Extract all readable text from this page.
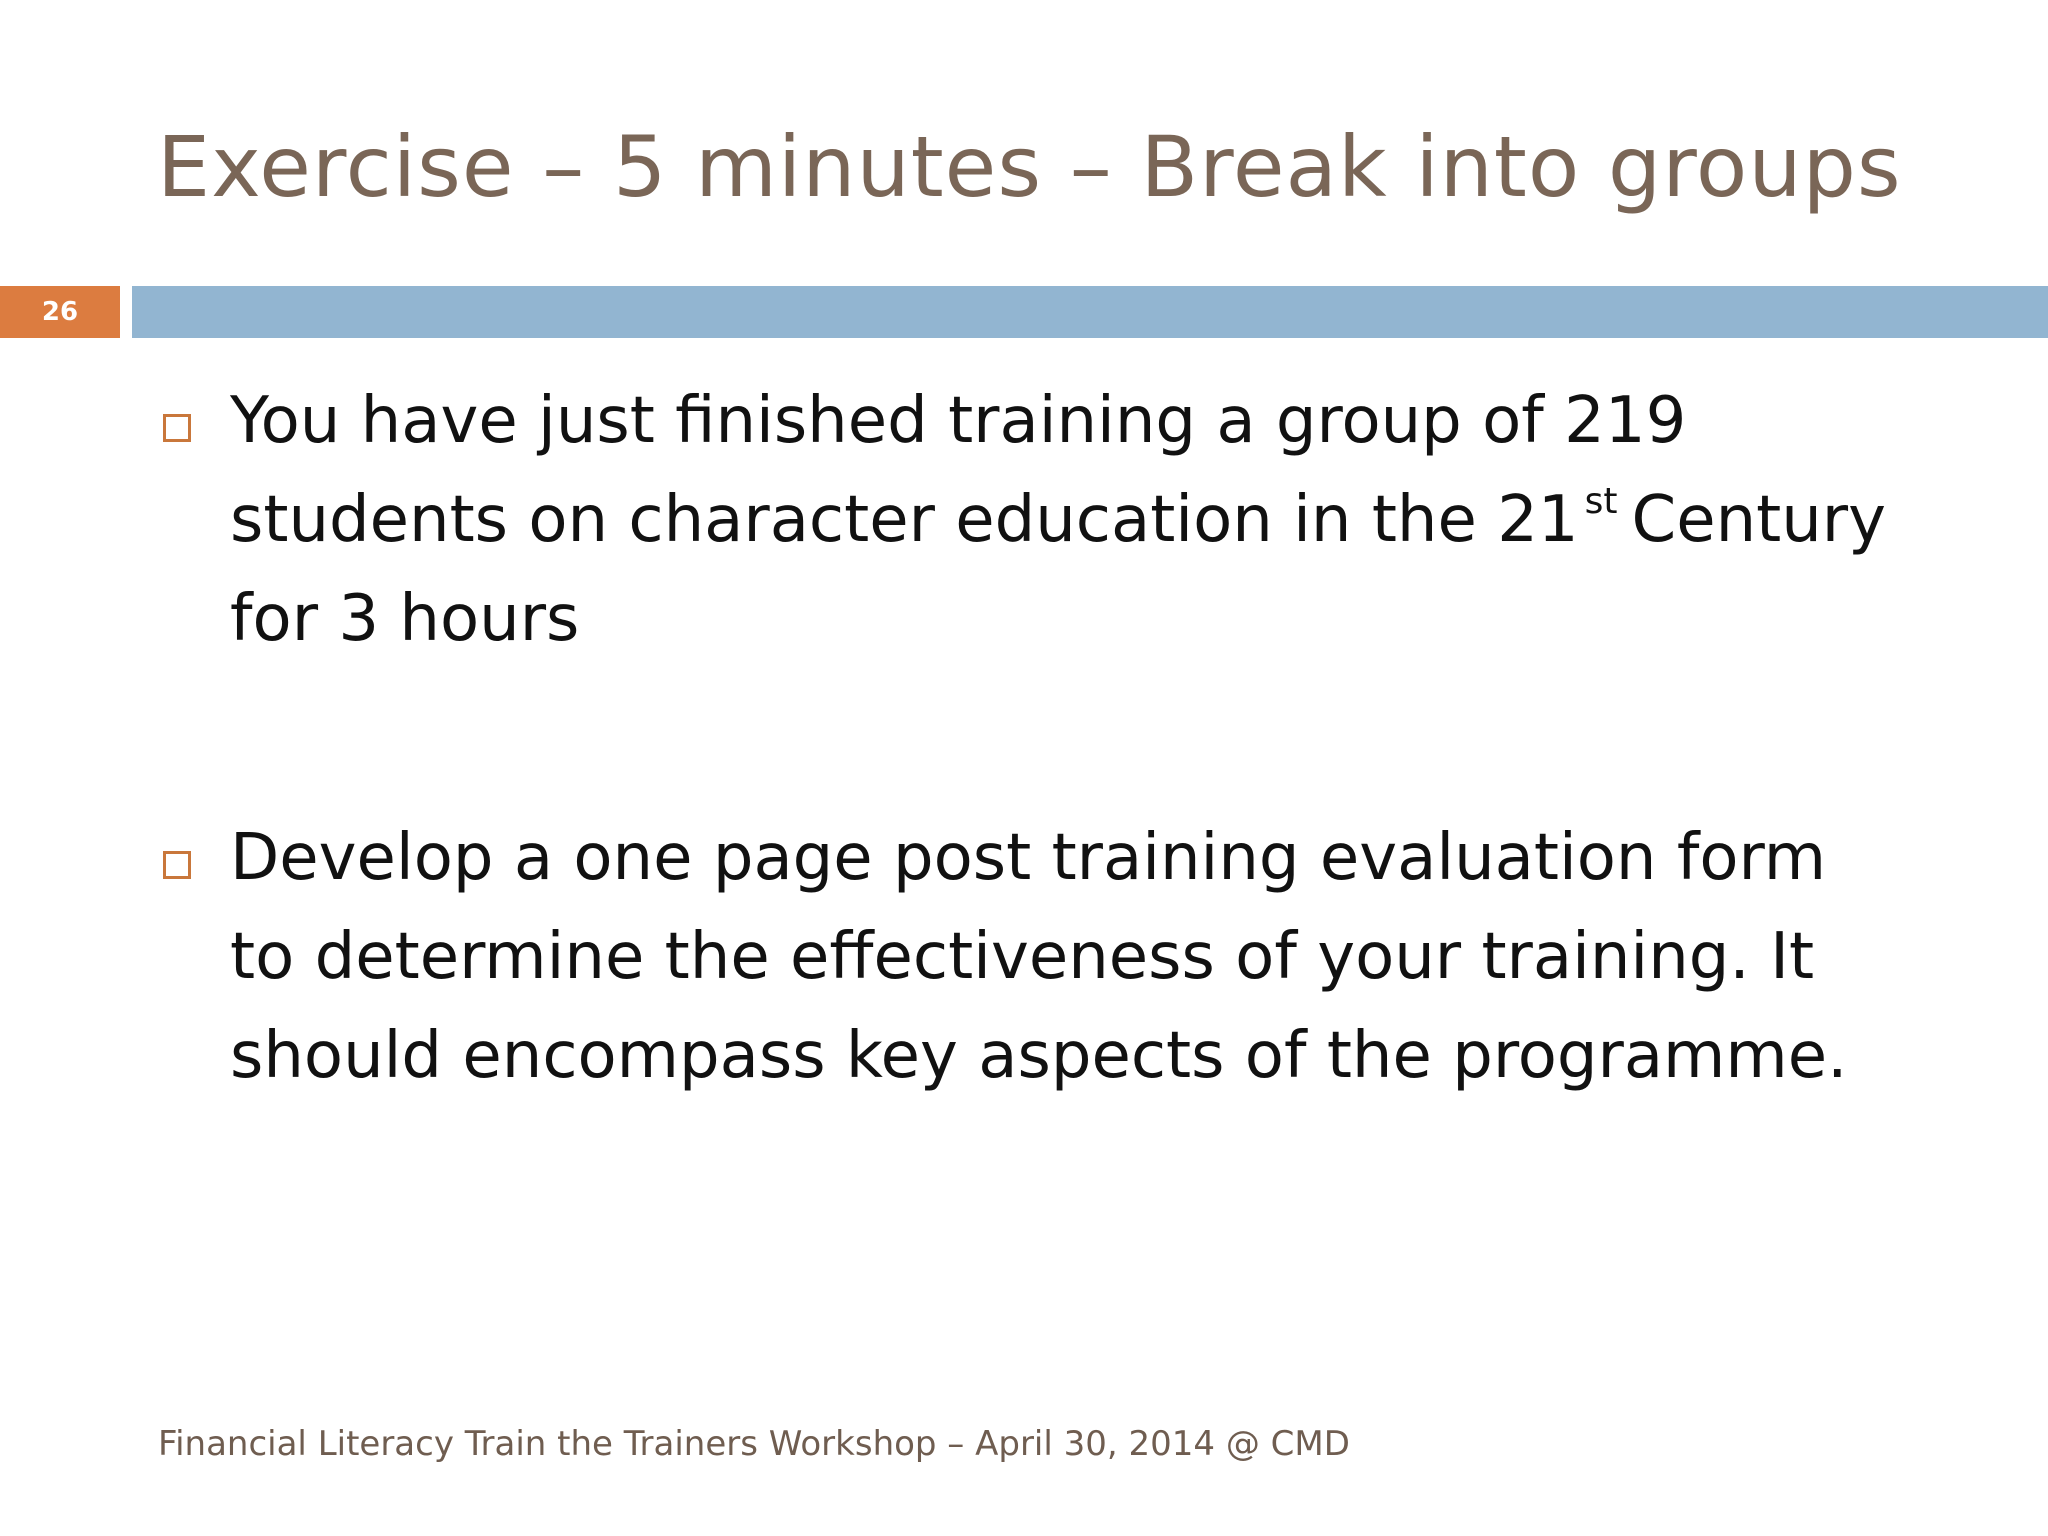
Exercise – 5 minutes – Break into groups
26
You have just finished training a group of 219
students on character education in the 21 $^{st}$ Century
for 3 hours
Develop a one page post training evaluation form
to determine the effectiveness of your training. It
should encompass key aspects of the programme.
Financial Literacy Train the Trainers Workshop – April 30, 2014 @ CMD
